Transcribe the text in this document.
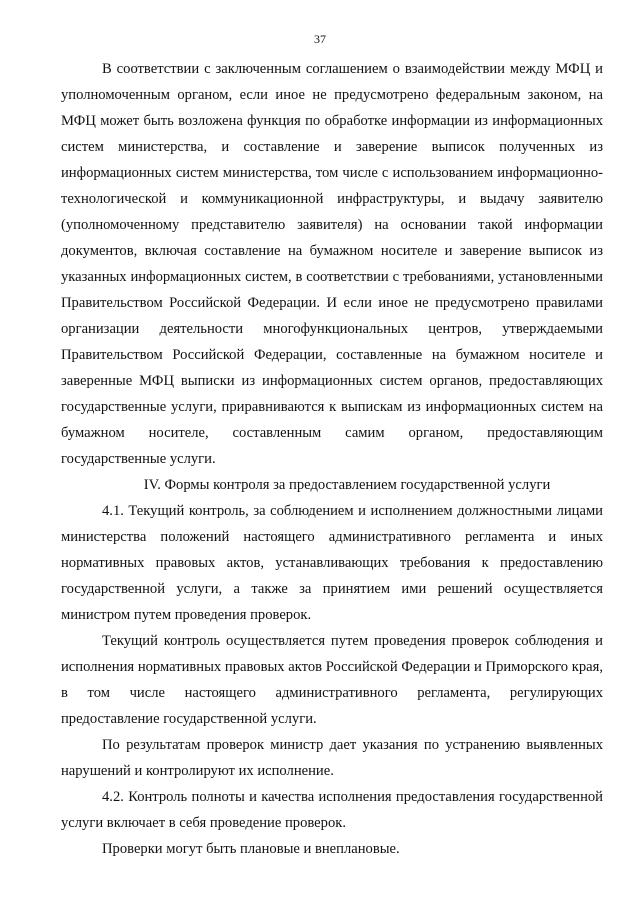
37

В соответствии с заключенным соглашением о взаимодействии между МФЦ и уполномоченным органом, если иное не предусмотрено федеральным законом, на МФЦ может быть возложена функция по обработке информации из информационных систем министерства, и составление и заверение выписок полученных из информационных систем министерства, том числе с использованием информационно-технологической и коммуникационной инфраструктуры, и выдачу заявителю (уполномоченному представителю заявителя) на основании такой информации документов, включая составление на бумажном носителе и заверение выписок из указанных информационных систем, в соответствии с требованиями, установленными Правительством Российской Федерации. И если иное не предусмотрено правилами организации деятельности многофункциональных центров, утверждаемыми Правительством Российской Федерации, составленные на бумажном носителе и заверенные МФЦ выписки из информационных систем органов, предоставляющих государственные услуги, приравниваются к выпискам из информационных систем на бумажном носителе, составленным самим органом, предоставляющим государственные услуги.

IV. Формы контроля за предоставлением государственной услуги

4.1. Текущий контроль, за соблюдением и исполнением должностными лицами министерства положений настоящего административного регламента и иных нормативных правовых актов, устанавливающих требования к предоставлению государственной услуги, а также за принятием ими решений осуществляется министром путем проведения проверок.

Текущий контроль осуществляется путем проведения проверок соблюдения и исполнения нормативных правовых актов Российской Федерации и Приморского края, в том числе настоящего административного регламента, регулирующих предоставление государственной услуги.

По результатам проверок министр дает указания по устранению выявленных нарушений и контролируют их исполнение.

4.2. Контроль полноты и качества исполнения предоставления государственной услуги включает в себя проведение проверок.

Проверки могут быть плановые и внеплановые.
